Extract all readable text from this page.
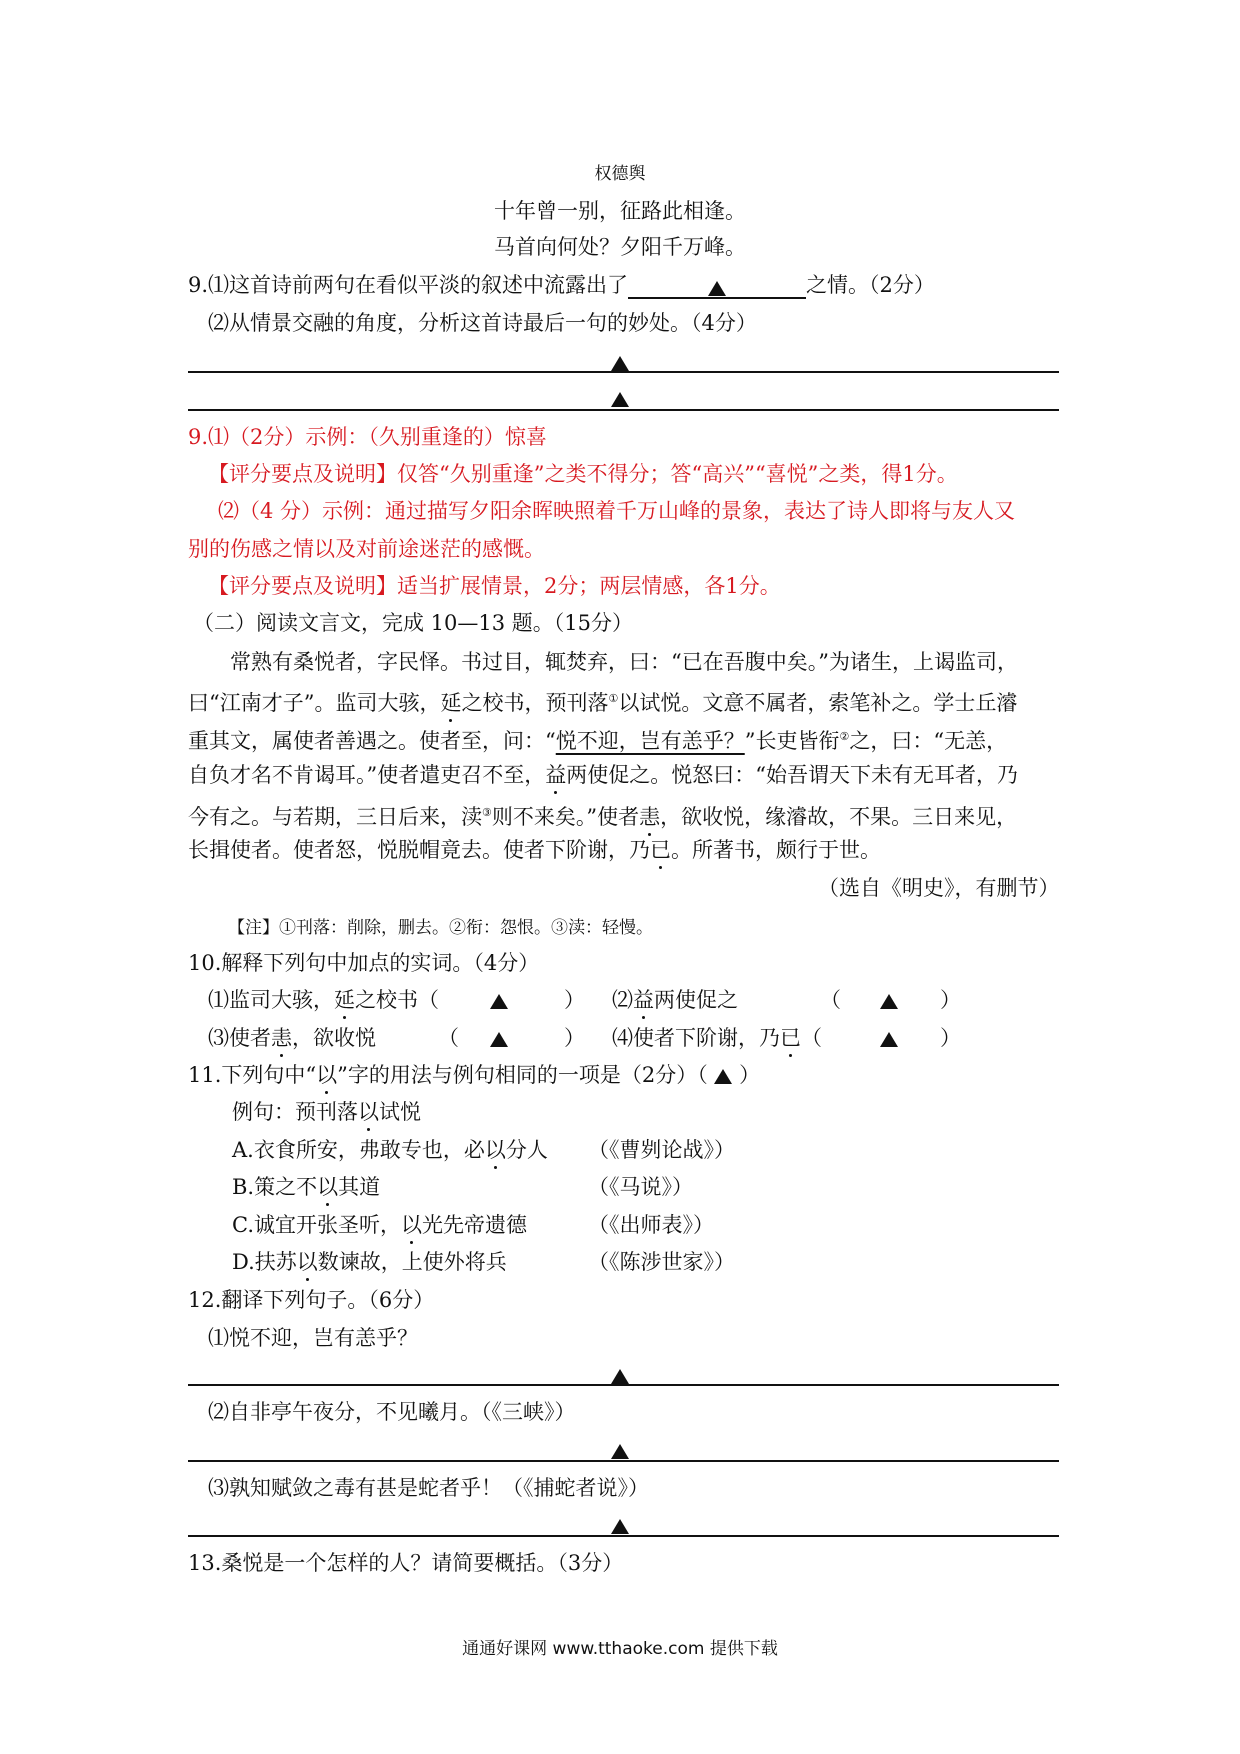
权德舆
十年曾一别，征路此相逢。
马首向何处？夕阳千万峰。
9.⑴这首诗前两句在看似平淡的叙述中流露出了	之情。（2分）
⑵从情景交融的角度，分析这首诗最后一句的妙处。（4分）
9.⑴（2分）示例：（久别重逢的）惊喜
【评分要点及说明】仅答“久别重逢”之类不得分；答“高兴”“喜悦”之类，得1分。
⑵（4 分）示例：通过描写夕阳余晖映照着千万山峰的景象，表达了诗人即将与友人又
别的伤感之情以及对前途迷茫的感慨。
【评分要点及说明】适当扩展情景，2分；两层情感，各1分。
（二）阅读文言文，完成 10—13 题。（15分）
常熟有桑悦者，字民怿。书过目，辄焚弃，曰：“已在吾腹中矣。”为诸生，上谒监司，
曰“江南才子”。监司大骇，延之校书，预刊落①以试悦。文意不属者，索笔补之。学士丘濬
重其文，属使者善遇之。使者至，问：“悦不迎，岂有恙乎？”长吏皆衔②之，曰：“无恙，
自负才名不肯谒耳。”使者遣吏召不至，益两使促之。悦怒曰：“始吾谓天下未有无耳者，乃
今有之。与若期，三日后来，渎③则不来矣。”使者恚，欲收悦，缘濬故，不果。三日来见，
长揖使者。使者怒，悦脱帽竟去。使者下阶谢，乃已。所著书，颇行于世。
（选自《明史》，有删节）
【注】①刊落：削除，删去。②衔：怨恨。③渎：轻慢。
10.解释下列句中加点的实词。（4分）
⑴监司大骇，延之校书（	） ⑵益两使促之	（	）
⑶使者恚，欲收悦	（	） ⑷使者下阶谢，乃已（	）
11.下列句中“以”字的用法与例句相同的一项是（2分）（ ）
例句：预刊落以试悦
A.衣食所安，弗敢专也，必以分人 （《曹刿论战》）
B.策之不以其道	（《马说》）
C.诚宜开张圣听，以光先帝遗德	（《出师表》）
D.扶苏以数谏故，上使外将兵	（《陈涉世家》）
12.翻译下列句子。（6分）
⑴悦不迎，岂有恙乎？
⑵自非亭午夜分，不见曦月。（《三峡》）
⑶孰知赋敛之毒有甚是蛇者乎！（《捕蛇者说》）
13.桑悦是一个怎样的人？请简要概括。（3分）
通通好课网 www.tthaoke.com 提供下载
